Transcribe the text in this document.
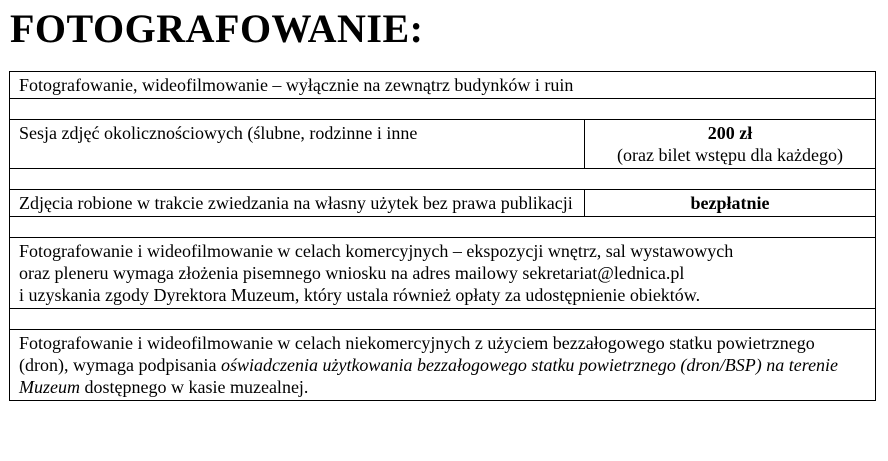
FOTOGRAFOWANIE:
Fotografowanie, wideofilmowanie – wyłącznie na zewnątrz budynków i ruin	

Sesja zdjęć okolicznościowych (ślubne, rodzinne i inne	200 zł
(oraz bilet wstępu dla każdego)

Zdjęcia robione w trakcie zwiedzania na własny użytek bez prawa publikacji	bezpłatnie

Fotografowanie i wideofilmowanie w celach komercyjnych – ekspozycji wnętrz, sal wystawowych
oraz pleneru wymaga złożenia pisemnego wniosku na adres mailowy sekretariat@lednica.pl
i uzyskania zgody Dyrektora Muzeum, który ustala również opłaty za udostępnienie obiektów.	

Fotografowanie i wideofilmowanie w celach niekomercyjnych z użyciem bezzałogowego statku powietrznego (dron), wymaga podpisania oświadczenia użytkowania bezzałogowego statku powietrznego (dron/BSP) na terenie Muzeum dostępnego w kasie muzealnej.	
